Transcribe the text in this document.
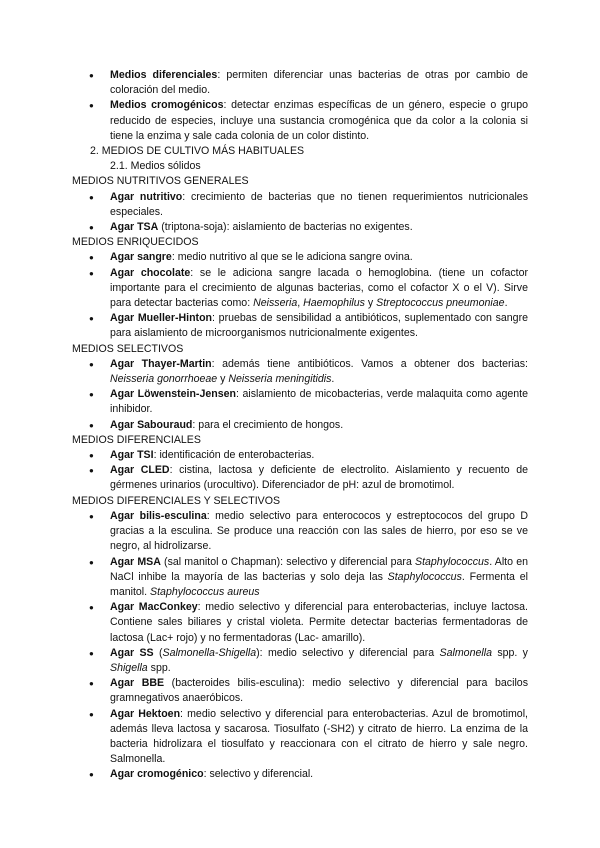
● Medios diferenciales: permiten diferenciar unas bacterias de otras por cambio de coloración del medio.
● Medios cromogénicos: detectar enzimas específicas de un género, especie o grupo reducido de especies, incluye una sustancia cromogénica que da color a la colonia si tiene la enzima y sale cada colonia de un color distinto.
2. MEDIOS DE CULTIVO MÁS HABITUALES
2.1. Medios sólidos
MEDIOS NUTRITIVOS GENERALES
● Agar nutritivo: crecimiento de bacterias que no tienen requerimientos nutricionales especiales.
● Agar TSA (triptona-soja): aislamiento de bacterias no exigentes.
MEDIOS ENRIQUECIDOS
● Agar sangre: medio nutritivo al que se le adiciona sangre ovina.
● Agar chocolate: se le adiciona sangre lacada o hemoglobina. (tiene un cofactor importante para el crecimiento de algunas bacterias, como el cofactor X o el V). Sirve para detectar bacterias como: Neisseria, Haemophilus y Streptococcus pneumoniae.
● Agar Mueller-Hinton: pruebas de sensibilidad a antibióticos, suplementado con sangre para aislamiento de microorganismos nutricionalmente exigentes.
MEDIOS SELECTIVOS
● Agar Thayer-Martin: además tiene antibióticos. Vamos a obtener dos bacterias: Neisseria gonorrhoeae y Neisseria meningitidis.
● Agar Löwenstein-Jensen: aislamiento de micobacterias, verde malaquita como agente inhibidor.
● Agar Sabouraud: para el crecimiento de hongos.
MEDIOS DIFERENCIALES
● Agar TSI: identificación de enterobacterias.
● Agar CLED: cistina, lactosa y deficiente de electrolito. Aislamiento y recuento de gérmenes urinarios (urocultivo). Diferenciador de pH: azul de bromotimol.
MEDIOS DIFERENCIALES Y SELECTIVOS
● Agar bilis-esculina: medio selectivo para enterococos y estreptococos del grupo D gracias a la esculina. Se produce una reacción con las sales de hierro, por eso se ve negro, al hidrolizarse.
● Agar MSA (sal manitol o Chapman): selectivo y diferencial para Staphylococcus. Alto en NaCl inhibe la mayoría de las bacterias y solo deja las Staphylococcus. Fermenta el manitol. Staphylococcus aureus
● Agar MacConkey: medio selectivo y diferencial para enterobacterias, incluye lactosa. Contiene sales biliares y cristal violeta. Permite detectar bacterias fermentadoras de lactosa (Lac+ rojo) y no fermentadoras (Lac- amarillo).
● Agar SS (Salmonella-Shigella): medio selectivo y diferencial para Salmonella spp. y Shigella spp.
● Agar BBE (bacteroides bilis-esculina): medio selectivo y diferencial para bacilos gramnegativos anaeróbicos.
● Agar Hektoen: medio selectivo y diferencial para enterobacterias. Azul de bromotimol, además lleva lactosa y sacarosa. Tiosulfato (-SH2) y citrato de hierro. La enzima de la bacteria hidrolizara el tiosulfato y reaccionara con el citrato de hierro y sale negro. Salmonella.
● Agar cromogénico: selectivo y diferencial.
